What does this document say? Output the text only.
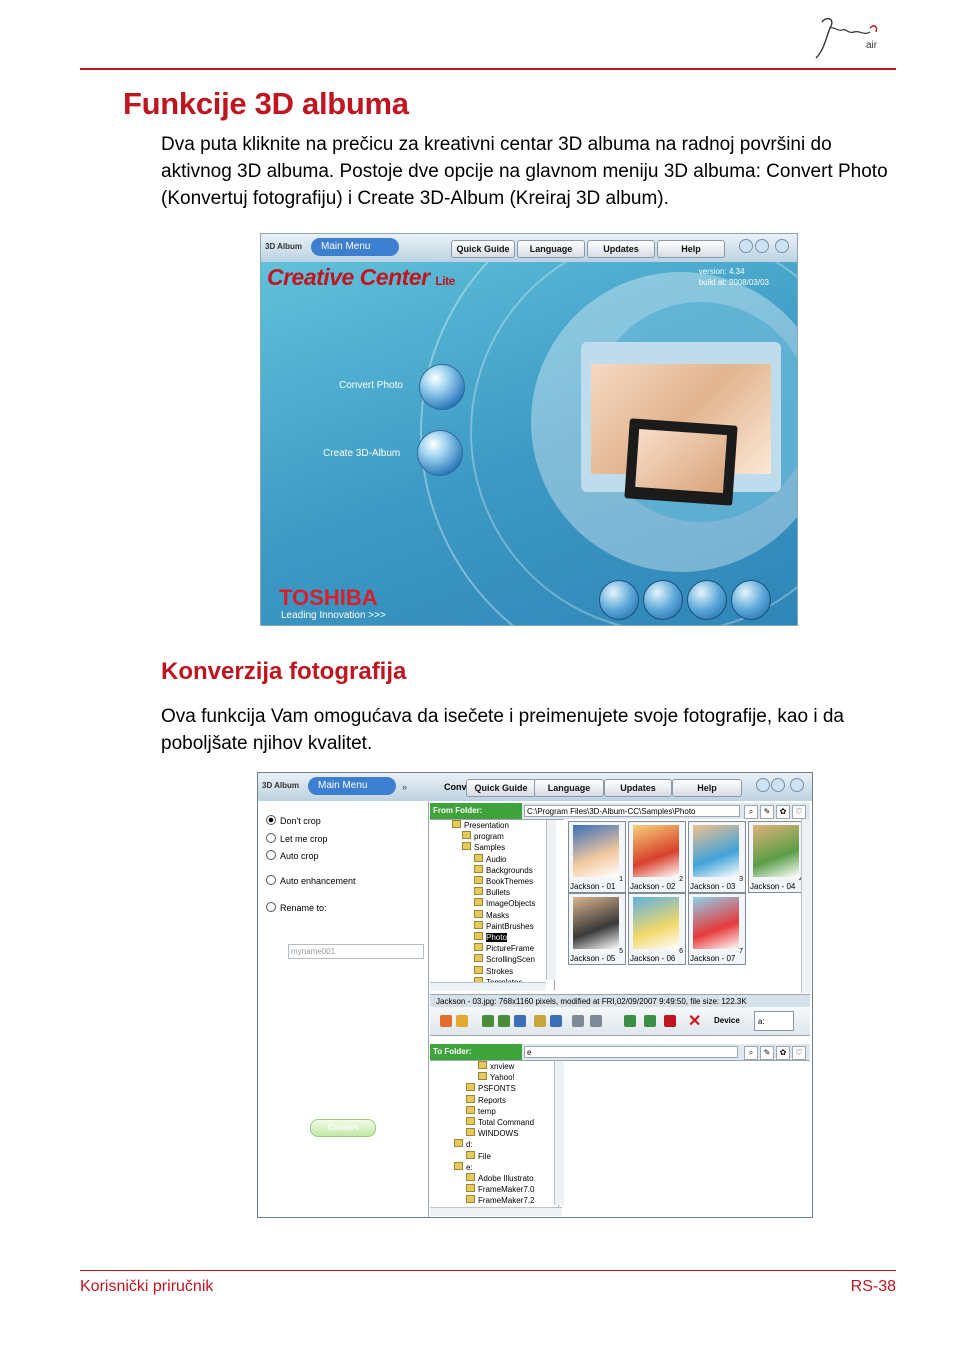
air
Funkcije 3D albuma
Dva puta kliknite na prečicu za kreativni centar 3D albuma na radnoj površini do aktivnog 3D albuma. Postoje dve opcije na glavnom meniju 3D albuma: Convert Photo (Konvertuj fotografiju) i Create 3D-Album (Kreiraj 3D album).
3D Album	Main Menu	Quick Guide	Language	Updates	Help
Creative Center Lite
version: 4.34
build at: 2008/03/03
Convert Photo
Create 3D-Album
TOSHIBA
Leading Innovation >>>
Konverzija fotografija
Ova funkcija Vam omogućava da isečete i preimenujete svoje fotografije, kao i da poboljšate njihov kvalitet.
3D Album	Main Menu	»	Conv Quick Guide	Language	Updates	Help
Don't crop
Let me crop
Auto crop
Auto enhancement
Rename to:
myname001
Convert
From Folder:	C:\Program Files\3D-Album-CC\Samples\Photo	⌕	✎	✿	♡
Presentation
program
Samples
Audio
Backgrounds
BookThemes
Bullets
ImageObjects
Masks
PaintBrushes
Photo
PictureFrame
ScrollingScen
Strokes
1
Jackson - 01
2
Jackson - 02
3
Jackson - 03 Jackson - 04
5
Jackson - 05
6
Jackson - 06
7
Jackson - 07
Jackson - 03.jpg: 768x1160 pixels, modified at FRI,02/09/2007 9:49:50, file size: 122.3K
✕ Device	a:
To Folder:	e	⌕	✎	✿	♡
xnview
Yahoo!
PSFONTS
Reports
temp
Total Command
WINDOWS
d:
File
e:
Adobe Illustrato
FrameMaker7.0
FrameMaker7.2
Korisnički priručnik	RS-38
